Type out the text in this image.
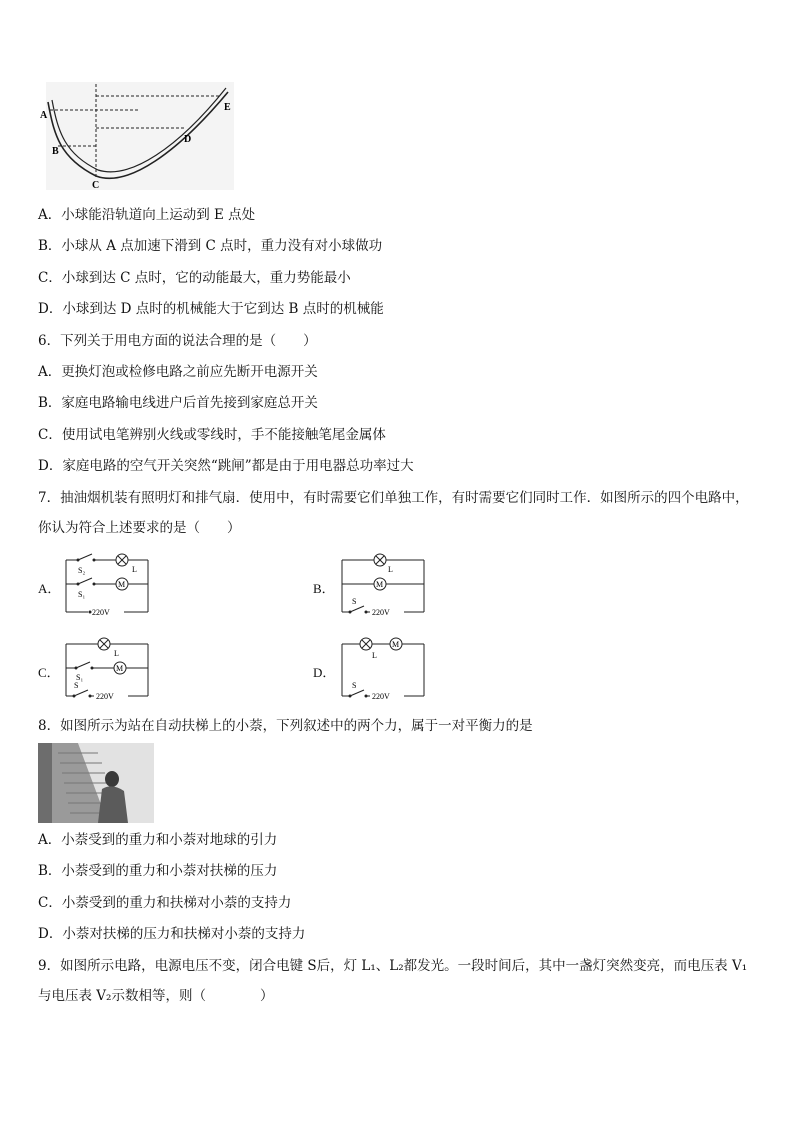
A
B
C
D
E
A．小球能沿轨道向上运动到 E 点处
B．小球从 A 点加速下滑到 C 点时，重力没有对小球做功
C．小球到达 C 点时，它的动能最大，重力势能最小
D．小球到达 D 点时的机械能大于它到达 B 点时的机械能
6．下列关于用电方面的说法合理的是（　　）
A．更换灯泡或检修电路之前应先断开电源开关
B．家庭电路输电线进户后首先接到家庭总开关
C．使用试电笔辨别火线或零线时，手不能接触笔尾金属体
D．家庭电路的空气开关突然“跳闸”都是由于用电器总功率过大
7．抽油烟机装有照明灯和排气扇．使用中，有时需要它们单独工作，有时需要它们同时工作．如图所示的四个电路中，
你认为符合上述要求的是（　　）
A．
S₂	L
M
S₁
220V
B．
L
M
S
220V
C．
L
M
S₁
S
220V
D．
L
M
S
220V
8．如图所示为站在自动扶梯上的小萘，下列叙述中的两个力，属于一对平衡力的是
A．小萘受到的重力和小萘对地球的引力
B．小萘受到的重力和小萘对扶梯的压力
C．小萘受到的重力和扶梯对小萘的支持力
D．小萘对扶梯的压力和扶梯对小萘的支持力
9．如图所示电路，电源电压不变，闭合电键 S后，灯 L₁、L₂都发光。一段时间后，其中一盏灯突然变亮，而电压表 V₁
与电压表 V₂示数相等，则（　　　　）
